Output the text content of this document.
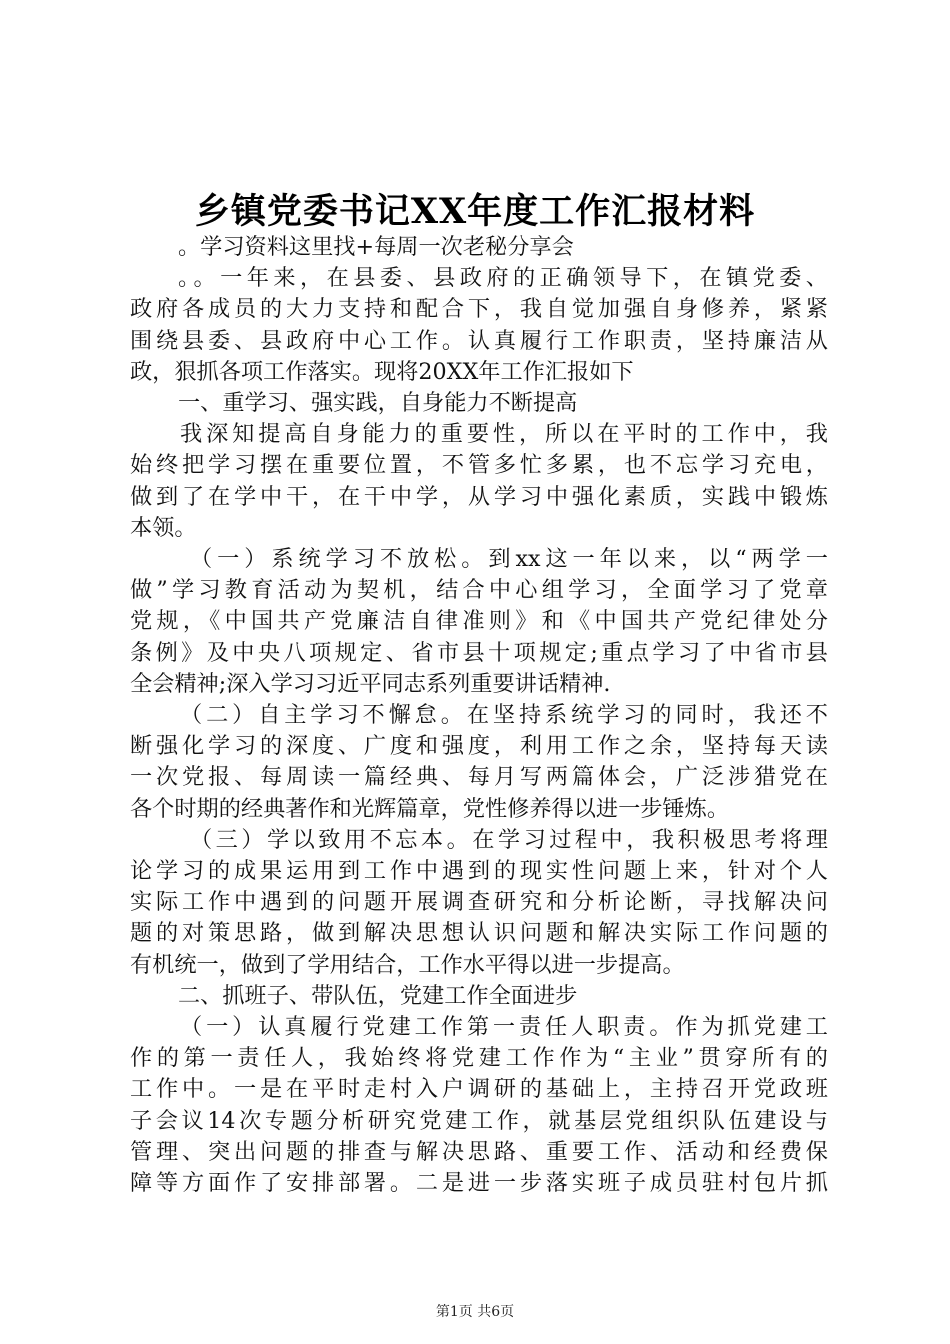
乡镇党委书记XX年度工作汇报材料
。学习资料这里找+每周一次老秘分享会
。。一年来，在县委、县政府的正确领导下，在镇党委、
政府各成员的大力支持和配合下，我自觉加强自身修养，紧紧
围绕县委、县政府中心工作。认真履行工作职责，坚持廉洁从
政，狠抓各项工作落实。现将20XX年工作汇报如下
一、重学习、强实践，自身能力不断提高
我深知提高自身能力的重要性，所以在平时的工作中，我
始终把学习摆在重要位置，不管多忙多累，也不忘学习充电，
做到了在学中干，在干中学，从学习中强化素质，实践中锻炼
本领。
（一）系统学习不放松。到xx这一年以来，以“两学一
做”学习教育活动为契机，结合中心组学习，全面学习了党章
党规，《中国共产党廉洁自律准则》和《中国共产党纪律处分
条例》及中央八项规定、省市县十项规定;重点学习了中省市县
全会精神;深入学习习近平同志系列重要讲话精神.
（二）自主学习不懈怠。在坚持系统学习的同时，我还不
断强化学习的深度、广度和强度，利用工作之余，坚持每天读
一次党报、每周读一篇经典、每月写两篇体会，广泛涉猎党在
各个时期的经典著作和光辉篇章，党性修养得以进一步锤炼。
（三）学以致用不忘本。在学习过程中，我积极思考将理
论学习的成果运用到工作中遇到的现实性问题上来，针对个人
实际工作中遇到的问题开展调查研究和分析论断，寻找解决问
题的对策思路，做到解决思想认识问题和解决实际工作问题的
有机统一，做到了学用结合，工作水平得以进一步提高。
二、抓班子、带队伍，党建工作全面进步
（一）认真履行党建工作第一责任人职责。作为抓党建工
作的第一责任人，我始终将党建工作作为“主业”贯穿所有的
工作中。一是在平时走村入户调研的基础上，主持召开党政班
子会议14次专题分析研究党建工作，就基层党组织队伍建设与
管理、突出问题的排查与解决思路、重要工作、活动和经费保
障等方面作了安排部署。二是进一步落实班子成员驻村包片抓
第1页 共6页
